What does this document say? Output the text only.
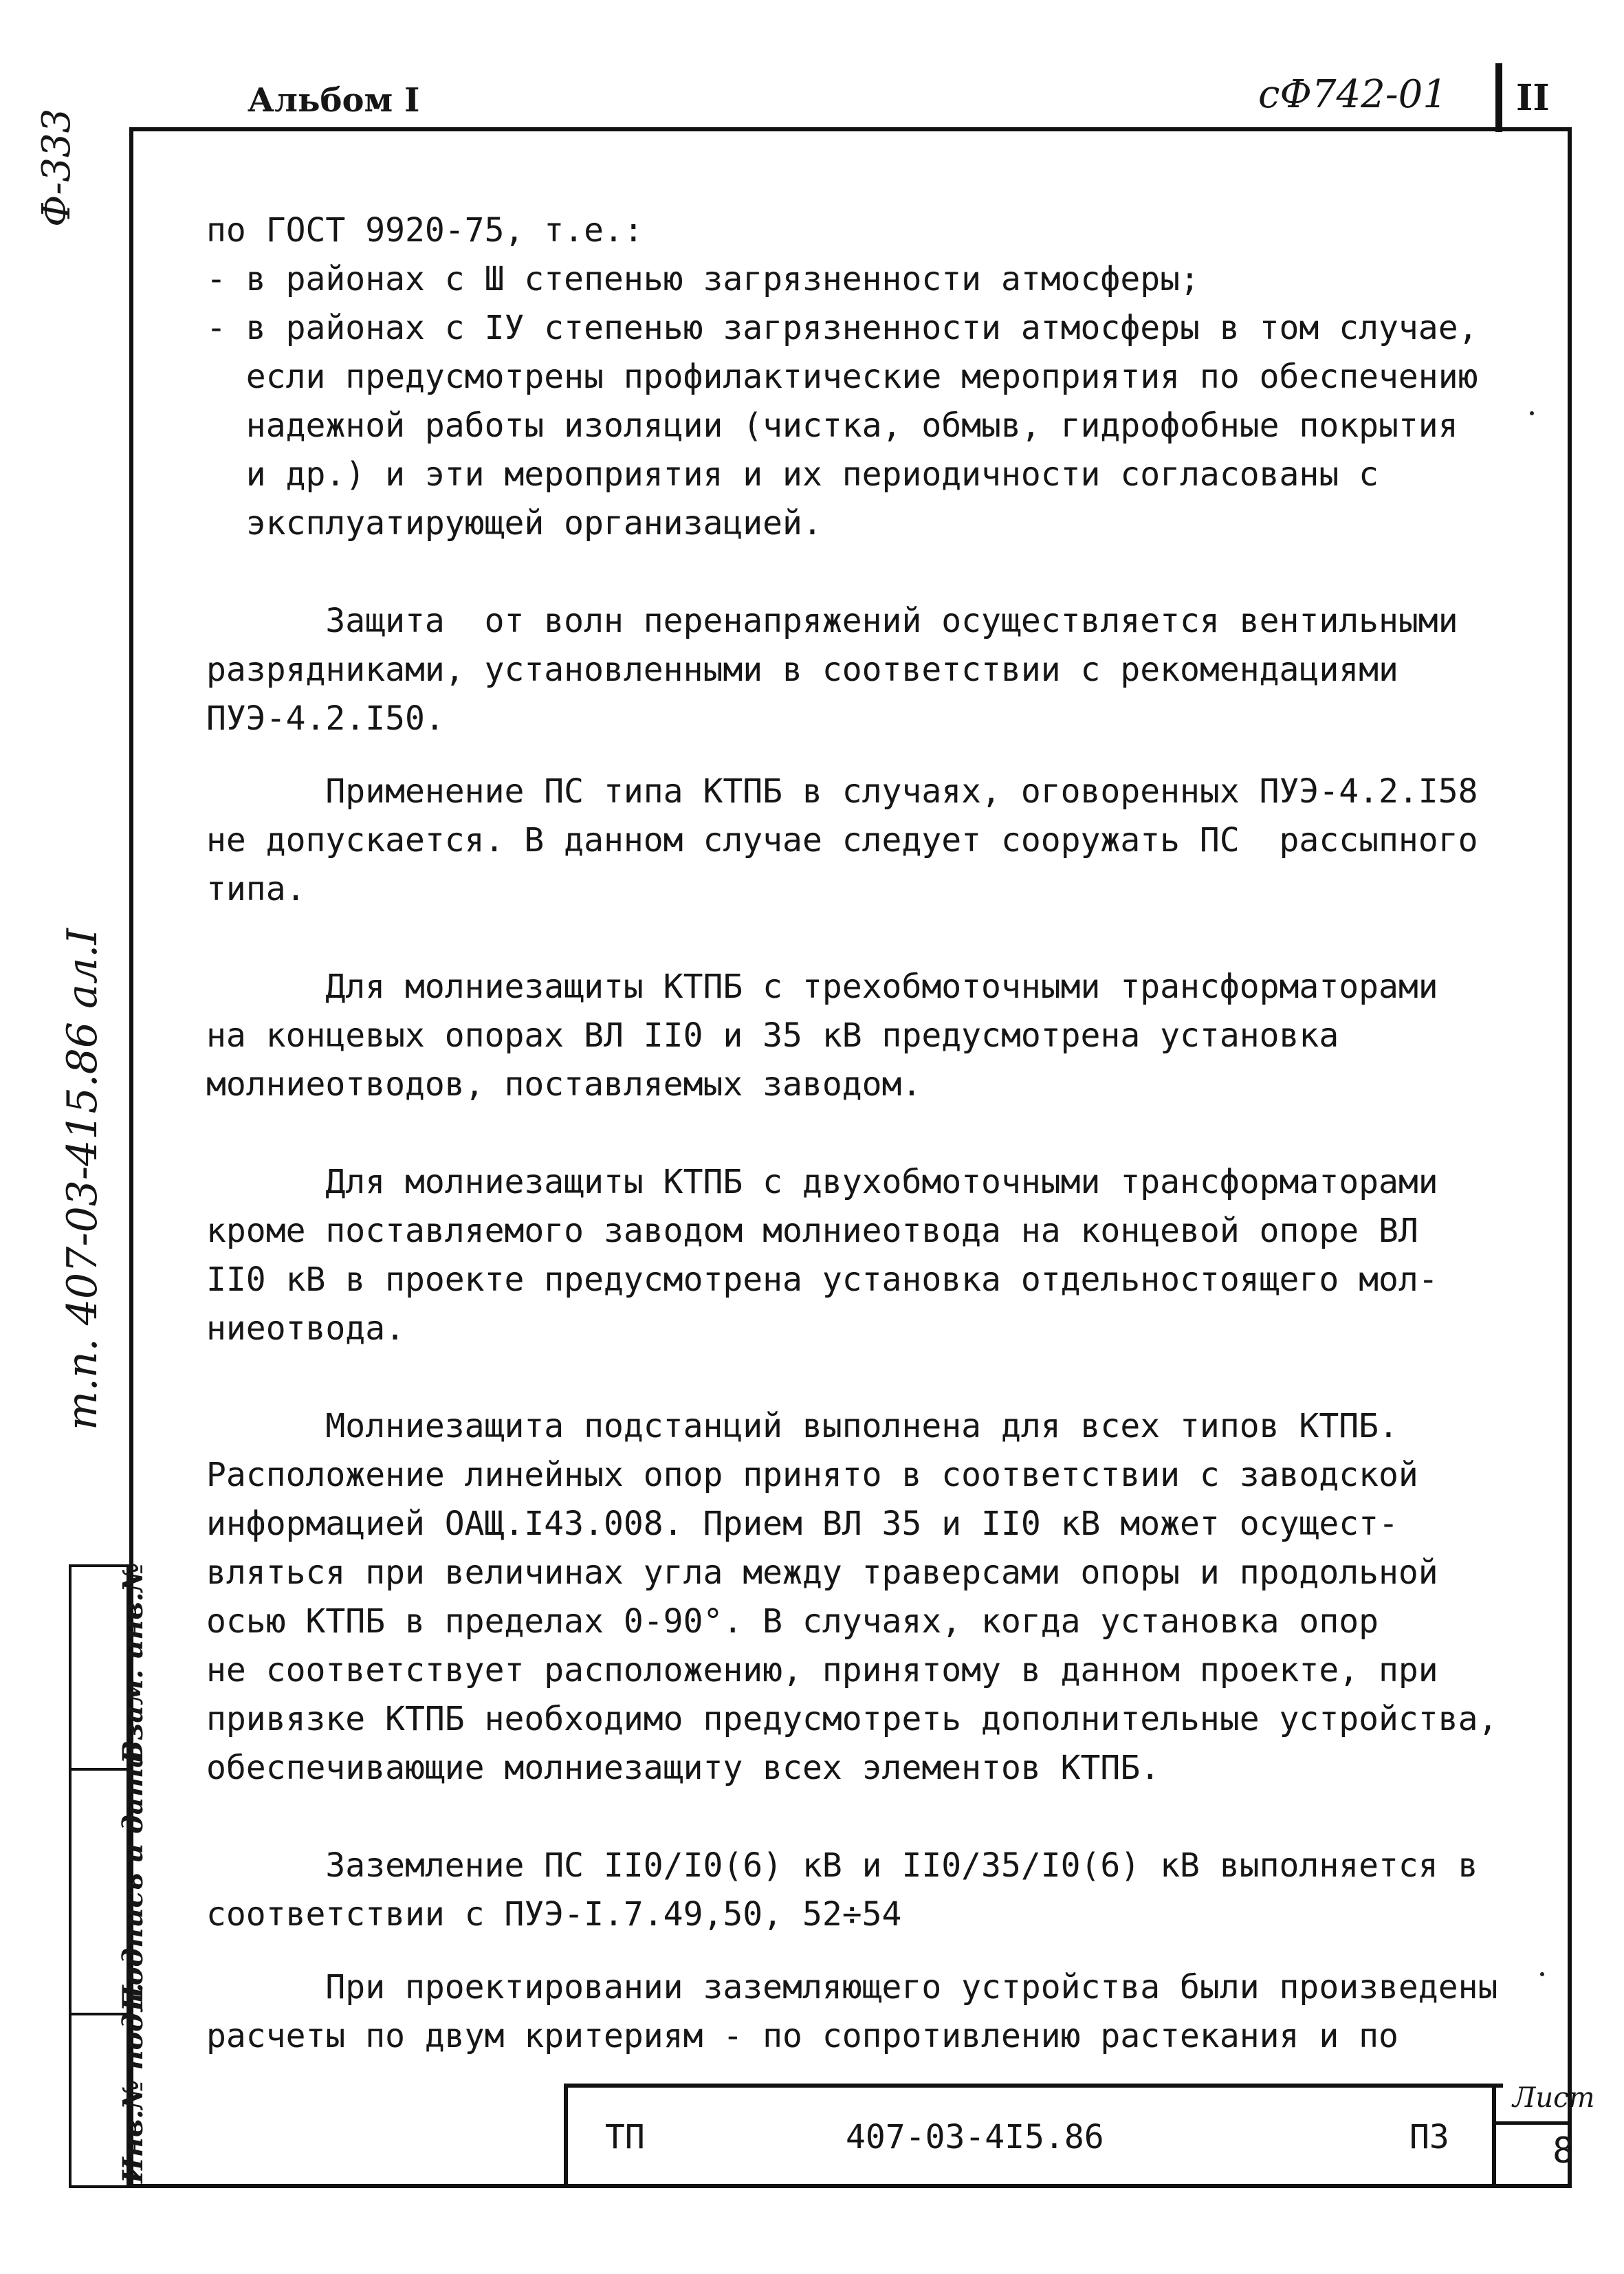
Альбом I	сФ742-01 II
Ф-333
т.п. 407-03-415.86 ал.I
Взам. инв.№
Подпись и дата
Инв.№ подл.
по ГОСТ 9920-75, т.е.:
- в районах с Ш степенью загрязненности атмосферы;
- в районах с IУ степенью загрязненности атмосферы в том случае,
если предусмотрены профилактические мероприятия по обеспечению
надежной работы изоляции (чистка, обмыв, гидрофобные покрытия
и др.) и эти мероприятия и их периодичности согласованы с
эксплуатирующей организацией.
Защита  от волн перенапряжений осуществляется вентильными
разрядниками, установленными в соответствии с рекомендациями
ПУЭ-4.2.I50.
Применение ПС типа КТПБ в случаях, оговоренных ПУЭ-4.2.I58
не допускается. В данном случае следует сооружать ПС  рассыпного
типа.
Для молниезащиты КТПБ с трехобмоточными трансформаторами
на концевых опорах ВЛ II0 и 35 кВ предусмотрена установка
молниеотводов, поставляемых заводом.
Для молниезащиты КТПБ с двухобмоточными трансформаторами
кроме поставляемого заводом молниеотвода на концевой опоре ВЛ
II0 кВ в проекте предусмотрена установка отдельностоящего мол-
ниеотвода.
Молниезащита подстанций выполнена для всех типов КТПБ.
Расположение линейных опор принято в соответствии с заводской
информацией ОАЩ.I43.008. Прием ВЛ 35 и II0 кВ может осущест-
вляться при величинах угла между траверсами опоры и продольной
осью КТПБ в пределах 0-90°. В случаях, когда установка опор
не соответствует расположению, принятому в данном проекте, при
привязке КТПБ необходимо предусмотреть дополнительные устройства,
обеспечивающие молниезащиту всех элементов КТПБ.
Заземление ПС II0/I0(6) кВ и II0/35/I0(6) кВ выполняется в
соответствии с ПУЭ-I.7.49,50, 52÷54
При проектировании заземляющего устройства были произведены
расчеты по двум критериям - по сопротивлению растекания и по
ТП	407-03-4I5.86	ПЗ
Лист
8
